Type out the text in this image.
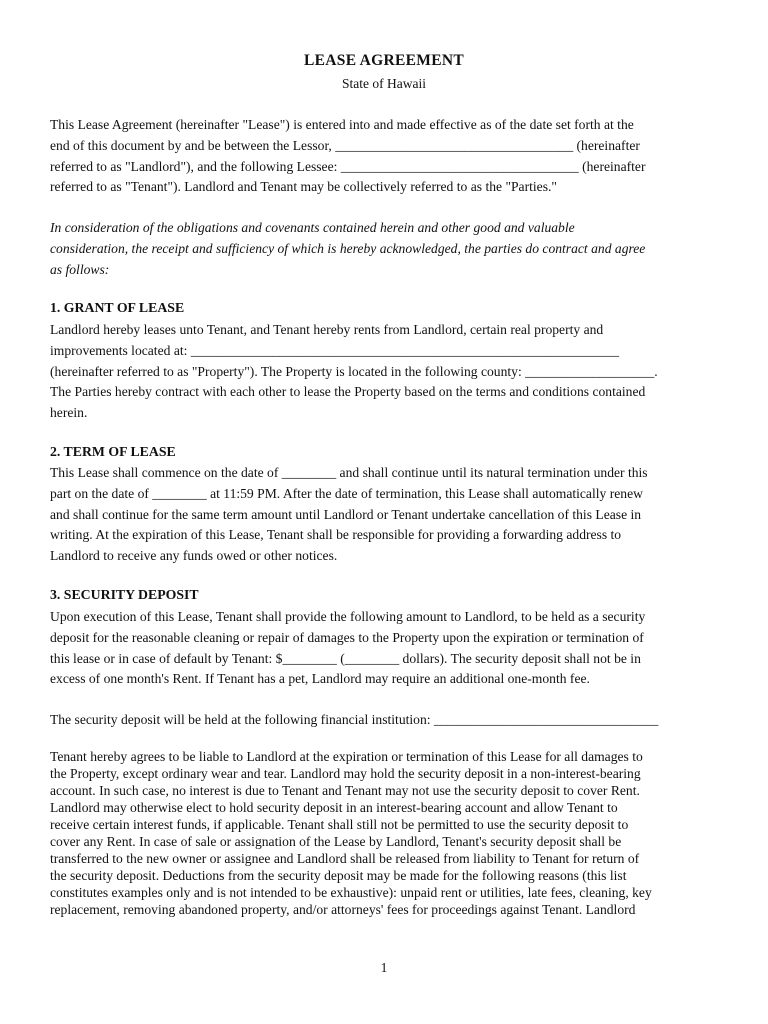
LEASE AGREEMENT
State of Hawaii
This Lease Agreement (hereinafter "Lease") is entered into and made effective as of the date set forth at the
end of this document by and be between the Lessor, ___________________________________ (hereinafter
referred to as "Landlord"), and the following Lessee: ___________________________________ (hereinafter
referred to as "Tenant"). Landlord and Tenant may be collectively referred to as the "Parties."
In consideration of the obligations and covenants contained herein and other good and valuable
consideration, the receipt and sufficiency of which is hereby acknowledged, the parties do contract and agree
as follows:
1. GRANT OF LEASE
Landlord hereby leases unto Tenant, and Tenant hereby rents from Landlord, certain real property and
improvements located at: _______________________________________________________________
(hereinafter referred to as "Property"). The Property is located in the following county: ___________________.
The Parties hereby contract with each other to lease the Property based on the terms and conditions contained
herein.
2. TERM OF LEASE
This Lease shall commence on the date of ________ and shall continue until its natural termination under this
part on the date of ________ at 11:59 PM. After the date of termination, this Lease shall automatically renew
and shall continue for the same term amount until Landlord or Tenant undertake cancellation of this Lease in
writing. At the expiration of this Lease, Tenant shall be responsible for providing a forwarding address to
Landlord to receive any funds owed or other notices.
3. SECURITY DEPOSIT
Upon execution of this Lease, Tenant shall provide the following amount to Landlord, to be held as a security
deposit for the reasonable cleaning or repair of damages to the Property upon the expiration or termination of
this lease or in case of default by Tenant: $________ (________ dollars). The security deposit shall not be in
excess of one month's Rent. If Tenant has a pet, Landlord may require an additional one-month fee.
The security deposit will be held at the following financial institution: _________________________________
Tenant hereby agrees to be liable to Landlord at the expiration or termination of this Lease for all damages to
the Property, except ordinary wear and tear. Landlord may hold the security deposit in a non-interest-bearing
account. In such case, no interest is due to Tenant and Tenant may not use the security deposit to cover Rent.
Landlord may otherwise elect to hold security deposit in an interest-bearing account and allow Tenant to
receive certain interest funds, if applicable. Tenant shall still not be permitted to use the security deposit to
cover any Rent. In case of sale or assignation of the Lease by Landlord, Tenant's security deposit shall be
transferred to the new owner or assignee and Landlord shall be released from liability to Tenant for return of
the security deposit. Deductions from the security deposit may be made for the following reasons (this list
constitutes examples only and is not intended to be exhaustive): unpaid rent or utilities, late fees, cleaning, key
replacement, removing abandoned property, and/or attorneys' fees for proceedings against Tenant. Landlord
1
